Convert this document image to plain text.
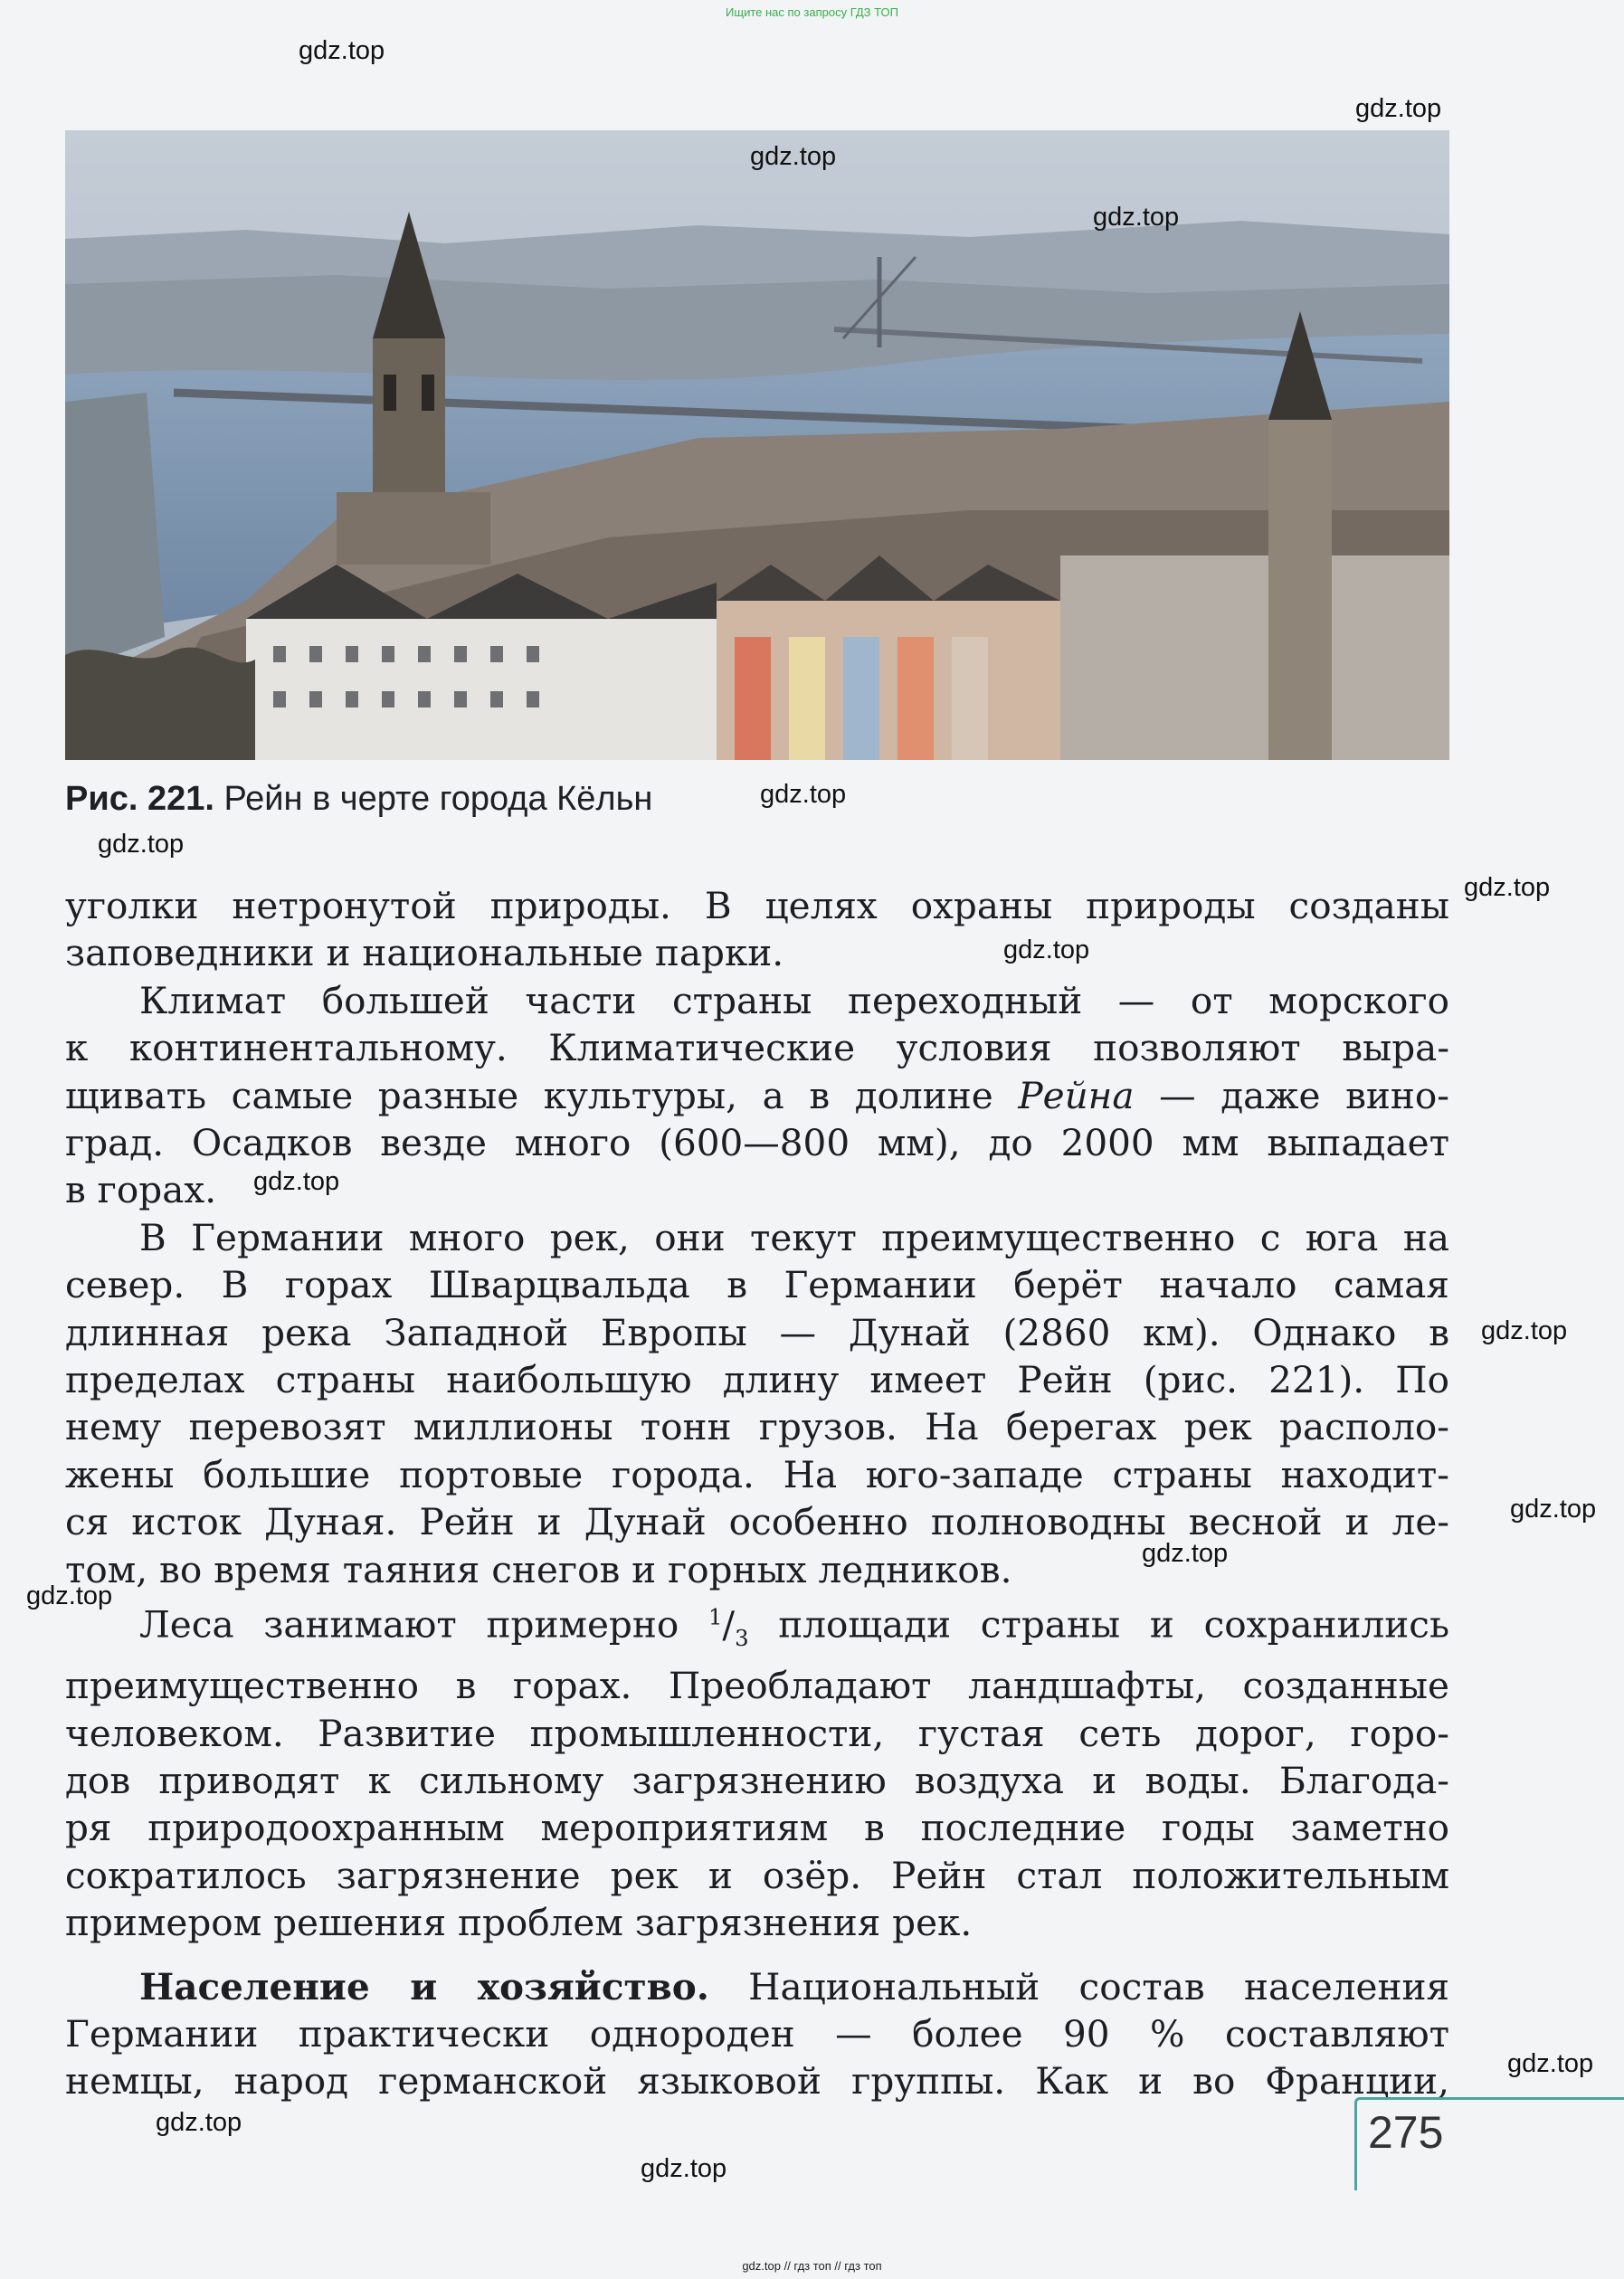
Ищите нас по запросу ГДЗ ТОП
Рис. 221. Рейн в черте города Кёльн

уголки нетронутой природы. В целях охраны природы созданы

заповедники и национальные парки.

Климат большей части страны переходный — от морского

к континентальному. Климатические условия позволяют выра-

щивать самые разные культуры, а в долине Рейна — даже вино-

град. Осадков везде много (600—800 мм), до 2000 мм выпадает

в горах.

В Германии много рек, они текут преимущественно с юга на

север. В горах Шварцвальда в Германии берёт начало самая

длинная река Западной Европы — Дунай (2860 км). Однако в

пределах страны наибольшую длину имеет Рейн (рис. 221). По

нему перевозят миллионы тонн грузов. На берегах рек располо-

жены большие портовые города. На юго-западе страны находит-

ся исток Дуная. Рейн и Дунай особенно полноводны весной и ле-

том, во время таяния снегов и горных ледников.

Леса занимают примерно $^1/_3$ площади страны и сохранились

преимущественно в горах. Преобладают ландшафты, созданные

человеком. Развитие промышленности, густая сеть дорог, горо-

дов приводят к сильному загрязнению воздуха и воды. Благода-

ря природоохранным мероприятиям в последние годы заметно

сократилось загрязнение рек и озёр. Рейн стал положительным

примером решения проблем загрязнения рек.

Население и хозяйство. Национальный состав населения

Германии практически однороден — более 90 % составляют

немцы, народ германской языковой группы. Как и во Франции,

275
gdz.top
gdz.top
gdz.top
gdz.top
gdz.top
gdz.top
gdz.top
gdz.top
gdz.top
gdz.top
gdz.top
gdz.top
gdz.top
gdz.top
gdz.top
gdz.top
gdz.top // гдз топ // гдз топ
